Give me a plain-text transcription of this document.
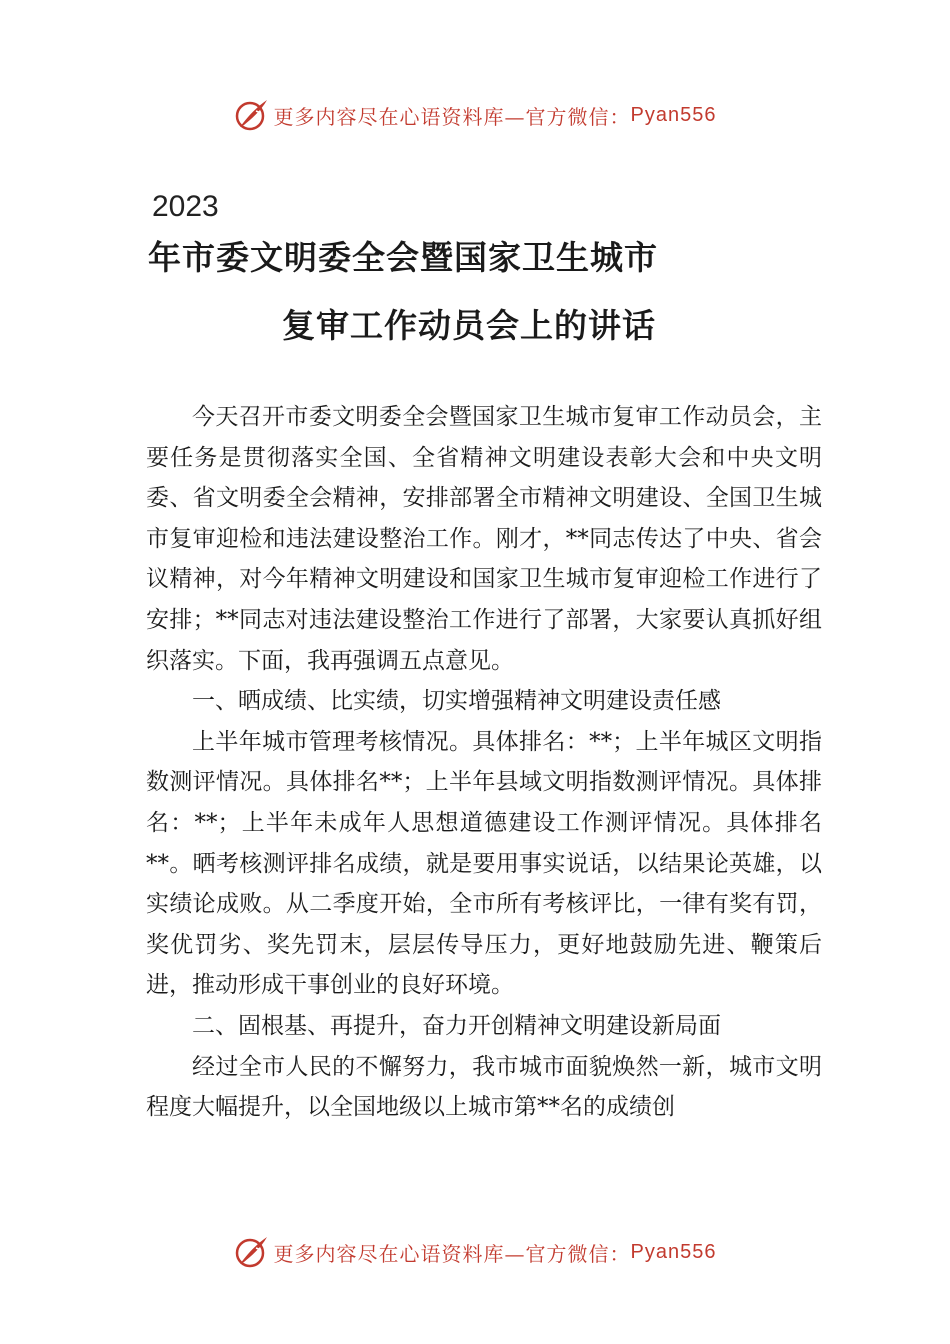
更多内容尽在心语资料库—官方微信： Pyan556
2023
年市委文明委全会暨国家卫生城市
复审工作动员会上的讲话

今天召开市委文明委全会暨国家卫生城市复审工作动员会，主要任务是贯彻落实全国、全省精神文明建设表彰大会和中央文明委、省文明委全会精神，安排部署全市精神文明建设、全国卫生城市复审迎检和违法建设整治工作。刚才，**同志传达了中央、省会议精神，对今年精神文明建设和国家卫生城市复审迎检工作进行了安排；**同志对违法建设整治工作进行了部署，大家要认真抓好组织落实。下面，我再强调五点意见。

一、晒成绩、比实绩，切实增强精神文明建设责任感

上半年城市管理考核情况。具体排名：**；上半年城区文明指数测评情况。具体排名**；上半年县域文明指数测评情况。具体排名：**；上半年未成年人思想道德建设工作测评情况。具体排名**。晒考核测评排名成绩，就是要用事实说话，以结果论英雄，以实绩论成败。从二季度开始，全市所有考核评比，一律有奖有罚，奖优罚劣、奖先罚末，层层传导压力，更好地鼓励先进、鞭策后进，推动形成干事创业的良好环境。

二、固根基、再提升，奋力开创精神文明建设新局面

经过全市人民的不懈努力，我市城市面貌焕然一新，城市文明程度大幅提升，以全国地级以上城市第**名的成绩创

更多内容尽在心语资料库—官方微信： Pyan556
